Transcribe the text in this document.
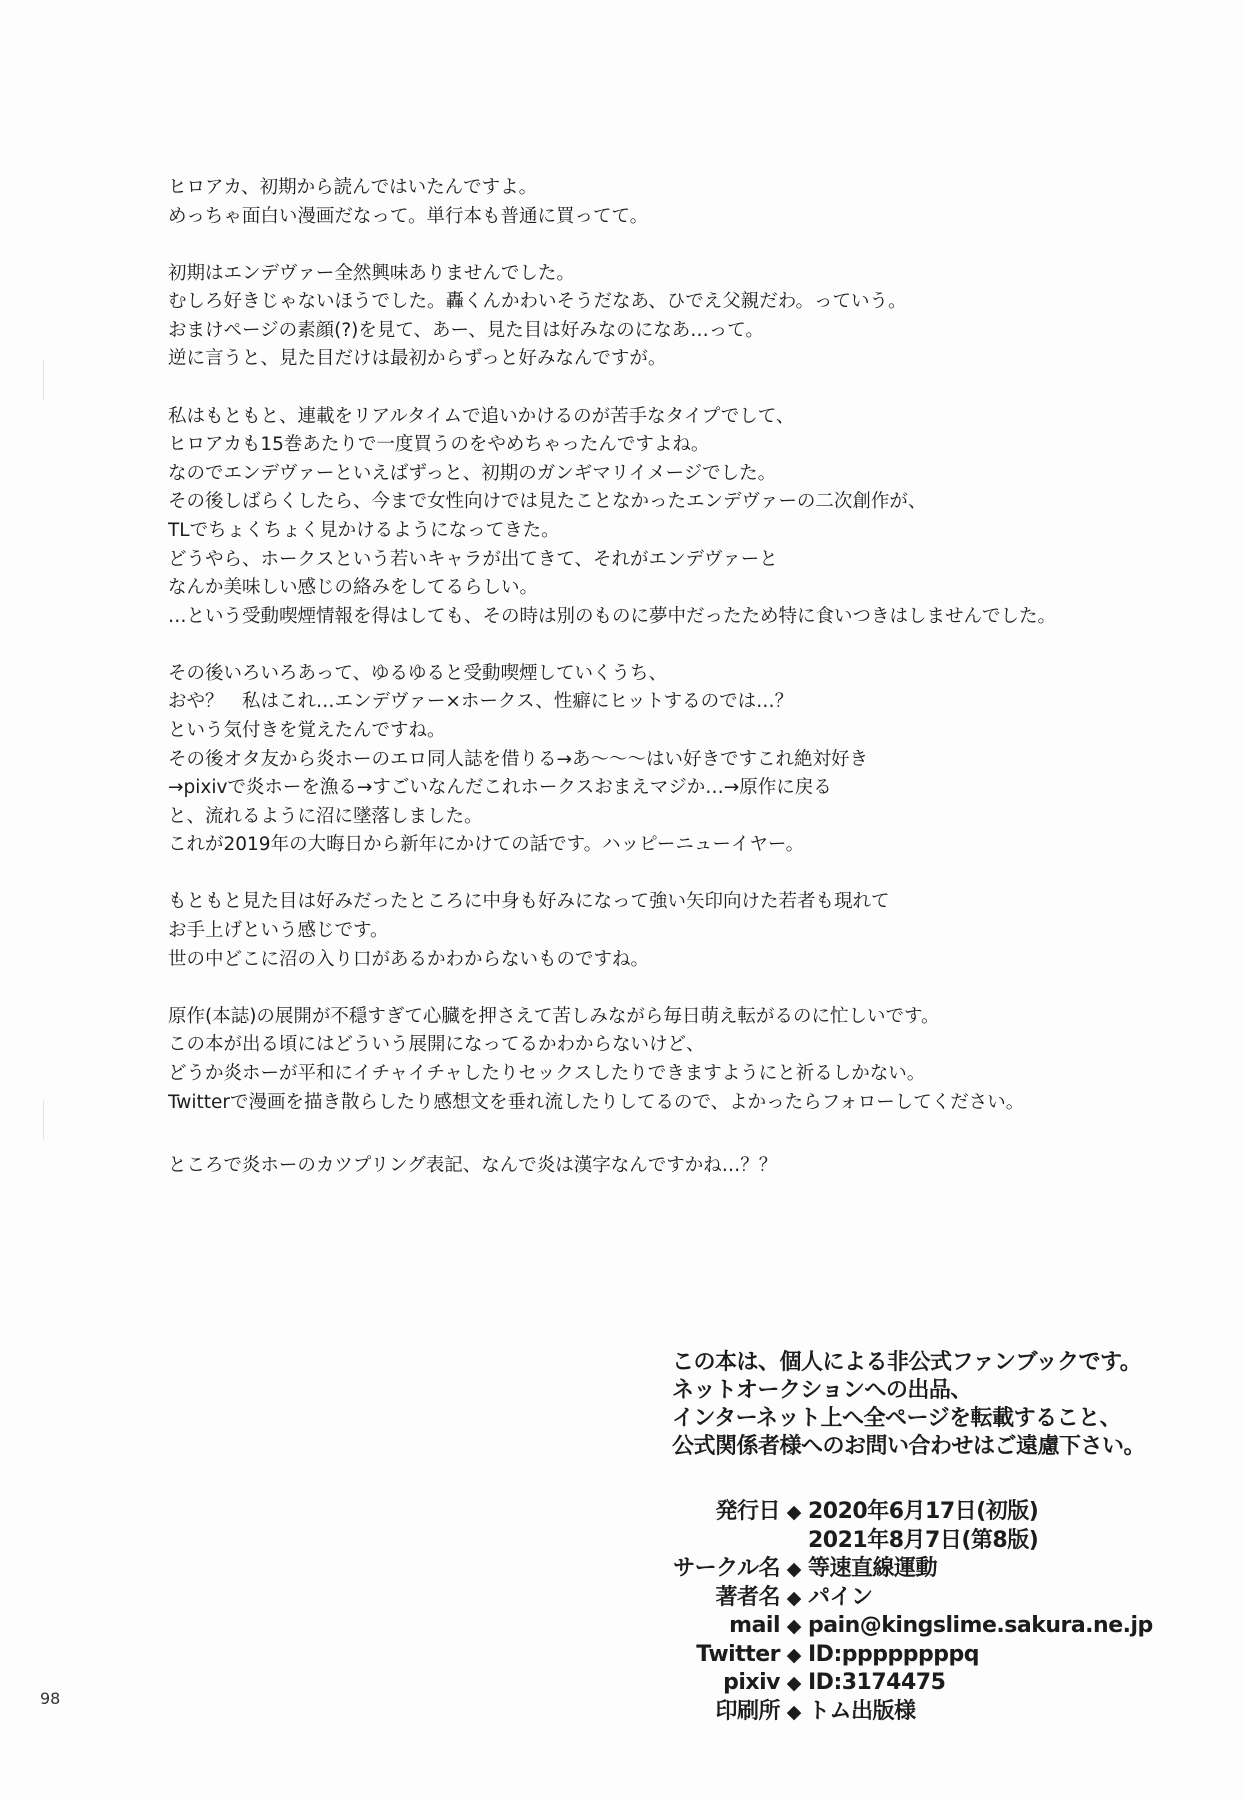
ヒロアカ、初期から読んではいたんですよ。
めっちゃ面白い漫画だなって。単行本も普通に買ってて。
初期はエンデヴァー全然興味ありませんでした。
むしろ好きじゃないほうでした。轟くんかわいそうだなあ、ひでえ父親だわ。っていう。
おまけページの素顔(?)を見て、あー、見た目は好みなのになあ…って。
逆に言うと、見た目だけは最初からずっと好みなんですが。
私はもともと、連載をリアルタイムで追いかけるのが苦手なタイプでして、
ヒロアカも15巻あたりで一度買うのをやめちゃったんですよね。
なのでエンデヴァーといえばずっと、初期のガンギマリイメージでした。
その後しばらくしたら、今まで女性向けでは見たことなかったエンデヴァーの二次創作が、
TLでちょくちょく見かけるようになってきた。
どうやら、ホークスという若いキャラが出てきて、それがエンデヴァーと
なんか美味しい感じの絡みをしてるらしい。
…という受動喫煙情報を得はしても、その時は別のものに夢中だったため特に食いつきはしませんでした。
その後いろいろあって、ゆるゆると受動喫煙していくうち、
おや？　私はこれ…エンデヴァー×ホークス、性癖にヒットするのでは…？
という気付きを覚えたんですね。
その後オタ友から炎ホーのエロ同人誌を借りる→あ～～～はい好きですこれ絶対好き
→pixivで炎ホーを漁る→すごいなんだこれホークスおまえマジか…→原作に戻る
と、流れるように沼に墜落しました。
これが2019年の大晦日から新年にかけての話です。ハッピーニューイヤー。
もともと見た目は好みだったところに中身も好みになって強い矢印向けた若者も現れて
お手上げという感じです。
世の中どこに沼の入り口があるかわからないものですね。
原作(本誌)の展開が不穏すぎて心臓を押さえて苦しみながら毎日萌え転がるのに忙しいです。
この本が出る頃にはどういう展開になってるかわからないけど、
どうか炎ホーが平和にイチャイチャしたりセックスしたりできますようにと祈るしかない。
Twitterで漫画を描き散らしたり感想文を垂れ流したりしてるので、よかったらフォローしてください。
ところで炎ホーのカツプリング表記、なんで炎は漢字なんですかね…？？
この本は、個人による非公式ファンブックです。
ネットオークションへの出品、
インターネット上へ全ページを転載すること、
公式関係者様へのお問い合わせはご遠慮下さい。
発行日 ◆ 2020年6月17日(初版)
2021年8月7日(第8版)
サークル名 ◆ 等速直線運動
著者名 ◆ パイン
mail ◆ pain@kingslime.sakura.ne.jp
Twitter ◆ ID:ppppppppq
pixiv ◆ ID:3174475
印刷所 ◆ トム出版様
98
